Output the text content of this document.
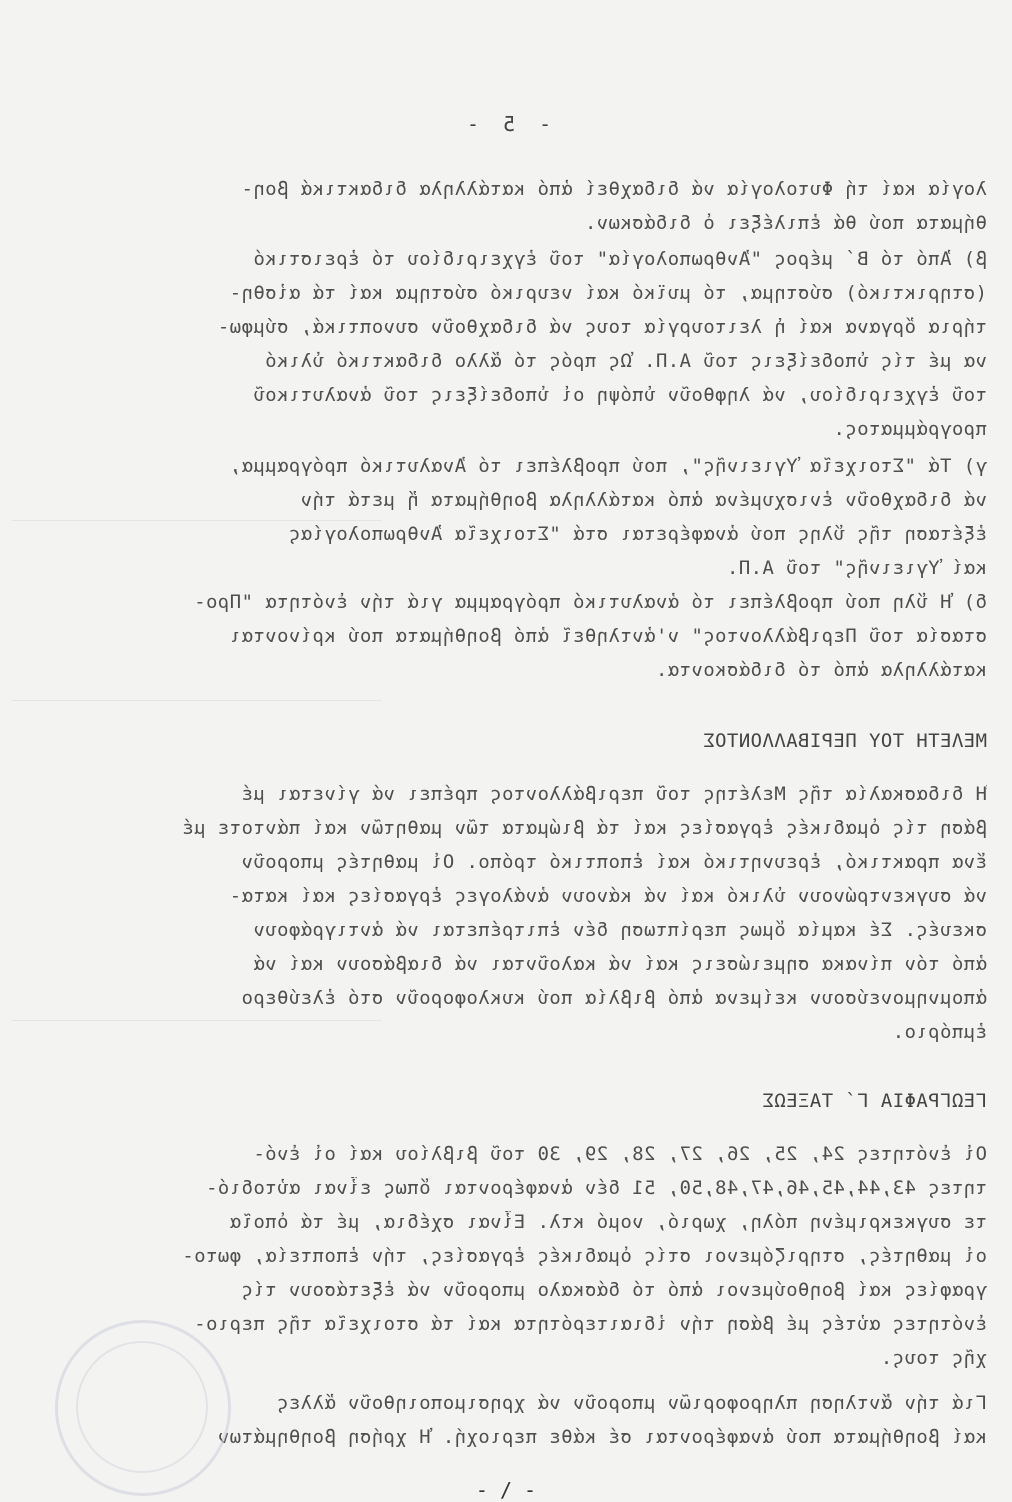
- 5 -
λογία καί τή Φυτολογία νά διδαχθεί ἀπό κατάλληλα διδακτικά βοη-
θήματα πού θά ἐπιλέξει ὁ διδάσκων.
β) Ἀπό τό Β΄ μέρος "Ἀνθρωπολογία" τοῦ ἐγχειριδίου τό ἐρειστικό
(στηρικτικό) σύστημα, τό μυϊκό καί νευρικό σύστημα καί τά αἰσθη-
τήρια ὄργανα καί ἡ λειτουργία τους νά διδαχθοῦν συνοπτικά, σύμφω-
να μέ τίς ὑποδείξεις τοῦ Α.Π. Ὡς πρός τό ἄλλο διδακτικό ὑλικό
τοῦ ἐγχειριδίου, νά ληφθοῦν ὑπόψη οἱ ὑποδείξεις τοῦ ἀναλυτικοῦ
προγράμματος.
γ) Τά "Στοιχεῖα Ὑγιεινῆς", πού προβλέπει τό Ἀναλυτικό πρόγραμμα,
νά διδαχθοῦν ἐνισχυμένα ἀπό κατάλληλα βοηθήματα ἤ μετά τήν
ἐξέταση τῆς ὕλης πού ἀναφέρεται στά "Στοιχεῖα Ἀνθρωπολογίας
καί Ὑγιεινῆς" τοῦ Α.Π.
δ) Ἡ ὕλη πού προβλέπει τό ἀναλυτικό πρόγραμμα γιά τήν ἑνότητα "Προ-
στασία τοῦ Περιβάλλοντος" ν'ἀντληθεῖ ἀπό βοηθήματα πού κρίνονται
κατάλληλα ἀπό τό διδάσκοντα.
ΜΕΛΕΤΗ ΤΟΥ ΠΕΡΙΒΑΛΛΟΝΤΟΣ
Ἡ διδασκαλία τῆς Μελέτης τοῦ περιβάλλοντος πρέπει νά γίνεται μέ
βάση τίς ὁμαδικές ἐργασίες καί τά βιώματα τῶν μαθητῶν καί πάντοτε μέ
ἕνα πρακτικό, ἐρευνητικό καί ἐποπτικό τρόπο. Οἱ μαθητές μποροῦν
νά συγκεντρώνουν ὑλικό καί νά κάνουν ἀνάλογες ἐργασίες καί κατα-
σκευές. Σέ καμία ὅμως περίπτωση δέν ἐπιτρέπεται νά ἀντιγράφουν
ἀπό τόν πίνακα σημειώσεις καί νά καλοῦνται νά διαβάσουν καί νά
ἀπομνημονεύσουν κείμενα ἀπό βιβλία πού κυκλοφοροῦν στό ἐλεύθερο
ἐμπόριο.
ΓΕΩΓΡΑΦΙΑ Γ΄ ΤΑΞΕΩΣ
Οἱ ἑνότητες 24, 25, 26, 27, 28, 29, 30 τοῦ βιβλίου καί οἱ ἑνό-
τητες 43,44,45,46,47,48,50, 51 δέν ἀναφέρονται ὅπως εἶναι αὐτοδιό-
τε συγκεκριμένη πόλη, χωριό, νομό κτλ. Εἶναι σχέδια, μέ τά ὁποῖα
οἱ μαθητές, στηριζόμενοι στίς ὁμαδικές ἐργασίες, τήν ἐποπτεία, φωτο-
γραφίες καί βοηθούμενοι ἀπό τό δάσκαλο μποροῦν νά ἐξετάσουν τίς
ἑνότητες αὐτές μέ βάση τήν ἰδιαιτερότητα καί τά στοιχεῖα τῆς περιο-
χῆς τους.
Γιά τήν ἄντληση πληροφοριῶν μποροῦν νά χρησιμοποιηθοῦν ἄλλες
καί βοηθήματα πού ἀναφέρονται σέ κάθε περιοχή. Ἡ χρήση βοηθημάτων
- / -
